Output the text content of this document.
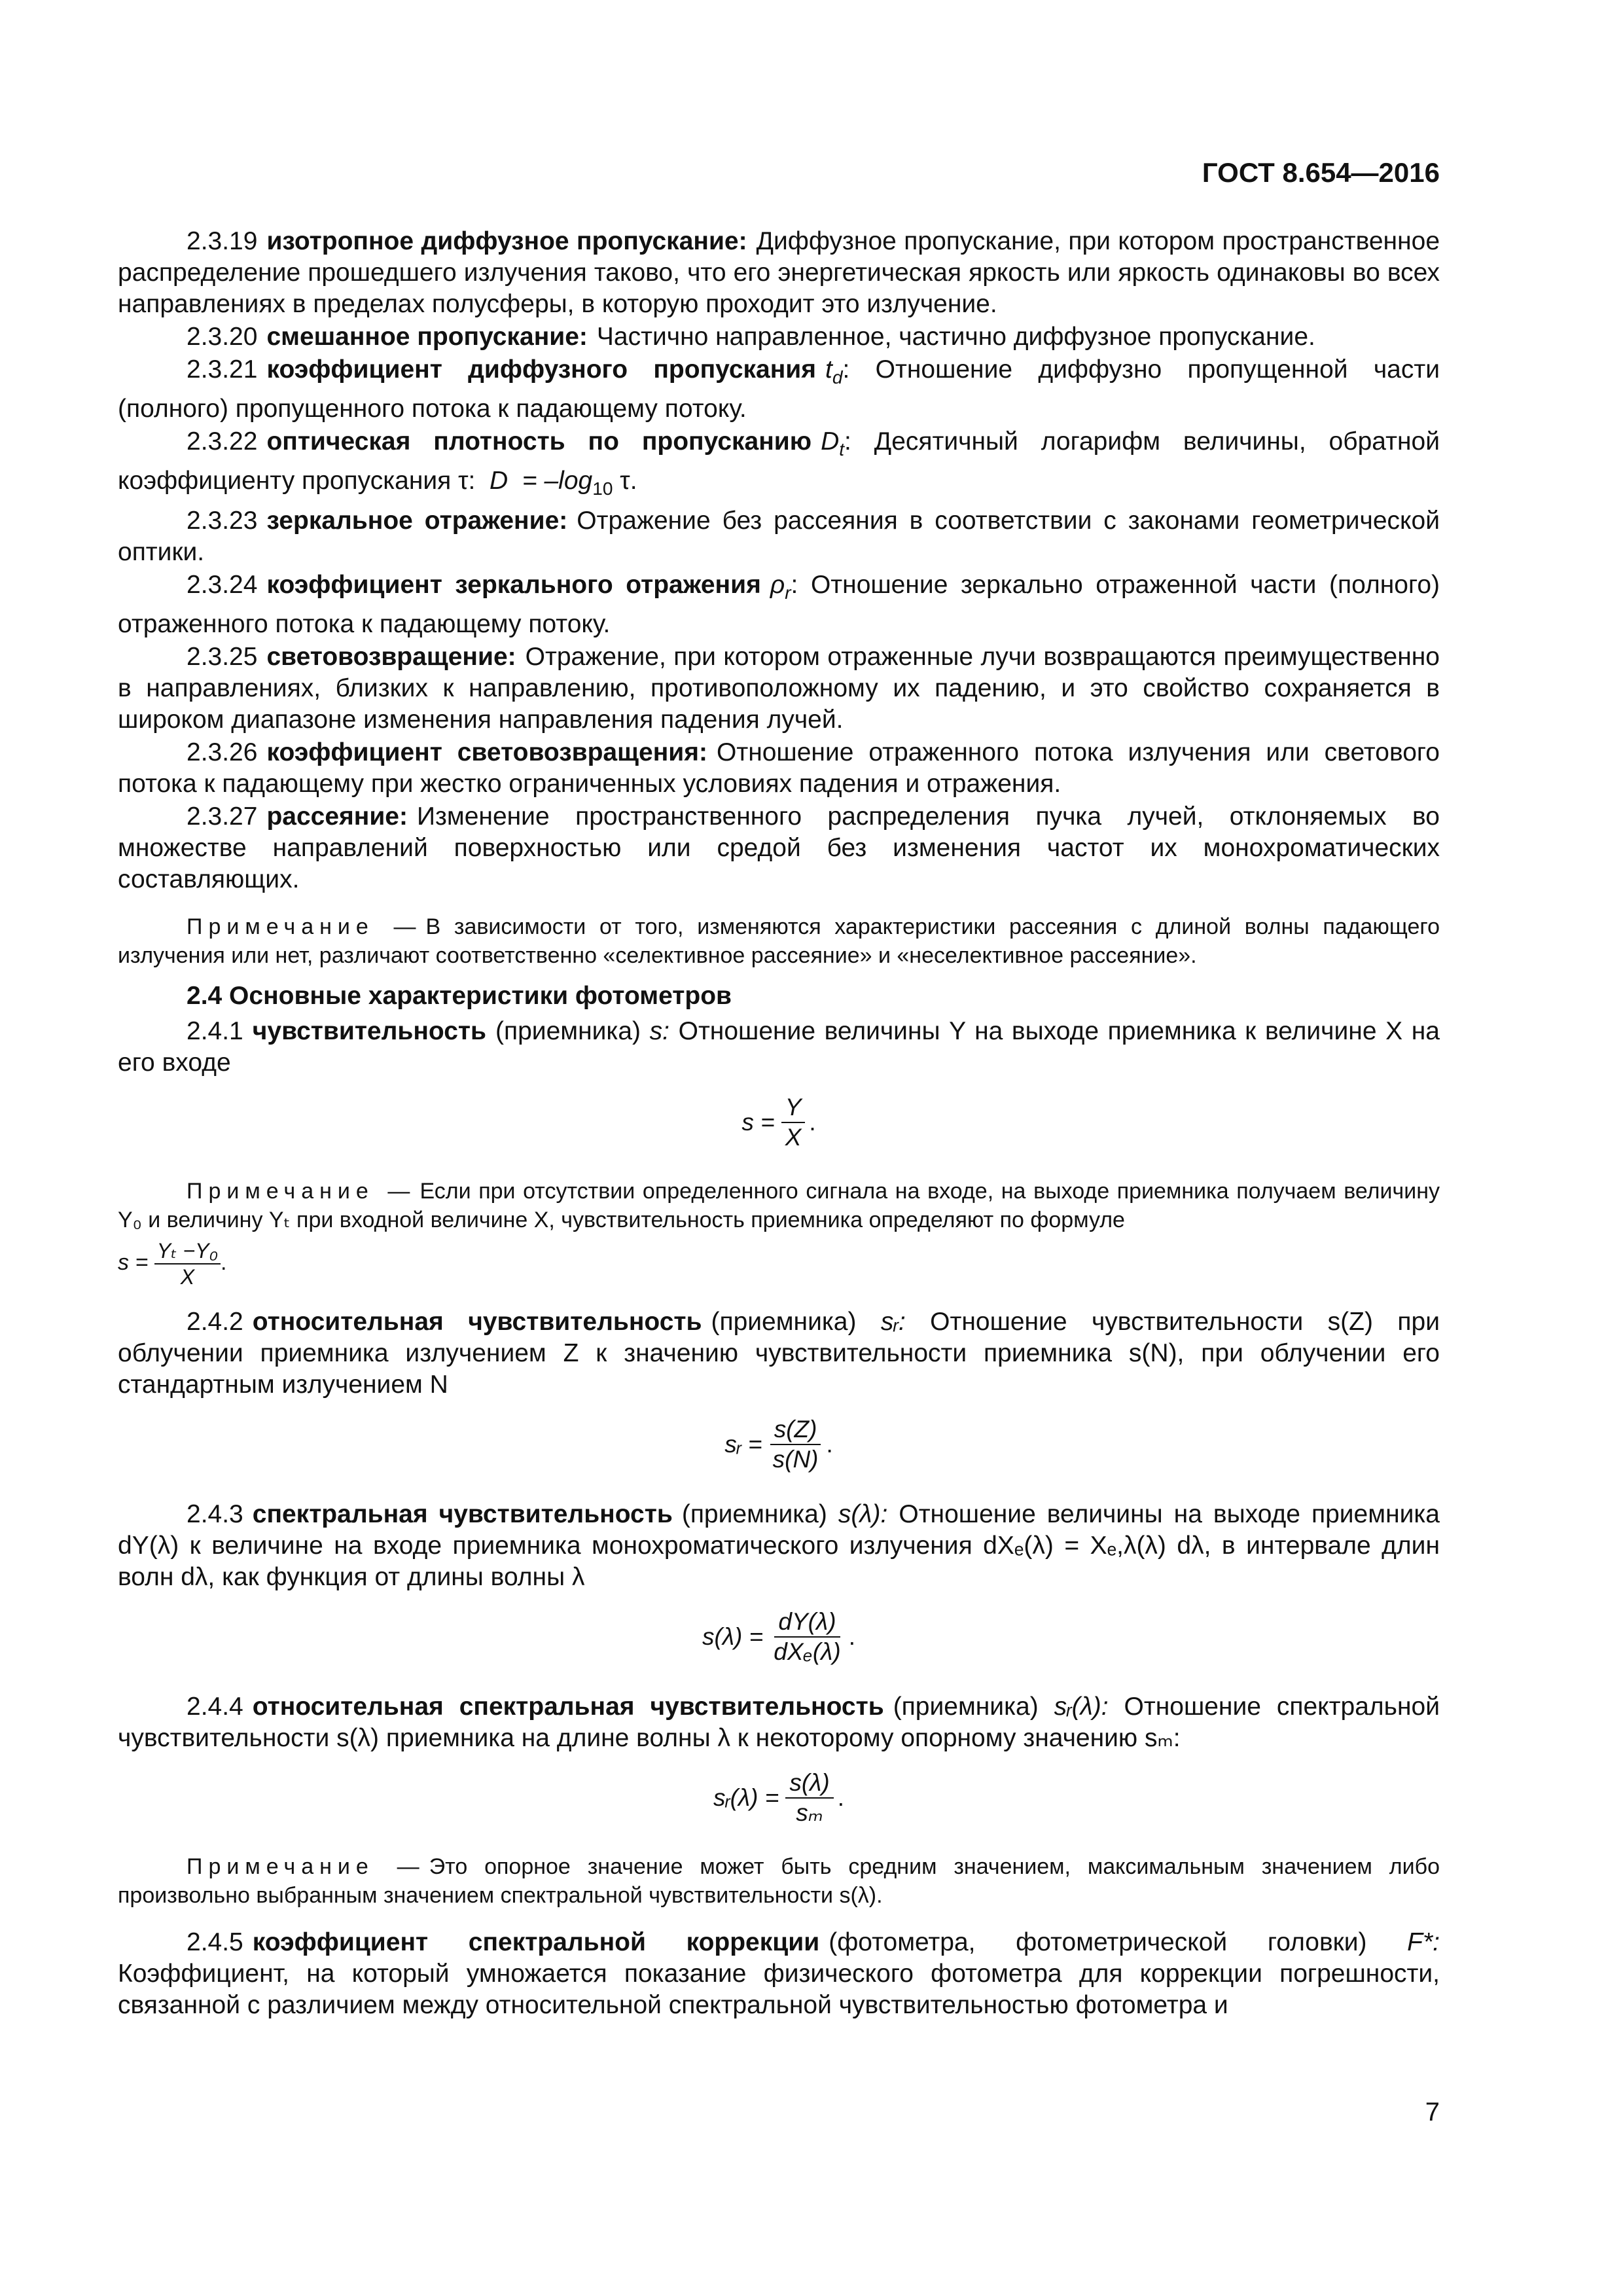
ГОСТ 8.654—2016

2.3.19 изотропное диффузное пропускание: Диффузное пропускание, при котором пространственное распределение прошедшего излучения таково, что его энергетическая яркость или яркость одинаковы во всех направлениях в пределах полусферы, в которую проходит это излучение.

2.3.20 смешанное пропускание: Частично направленное, частично диффузное пропускание.

2.3.21 коэффициент диффузного пропускания $t_d$: Отношение диффузно пропущенной части (полного) пропущенного потока к падающему потоку.

2.3.22 оптическая плотность по пропусканию $D_t$: Десятичный логарифм величины, обратной коэффициенту пропускания τ: $D = -\log_{10}$ τ.

2.3.23 зеркальное отражение: Отражение без рассеяния в соответствии с законами геометрической оптики.

2.3.24 коэффициент зеркального отражения $\rho_r$: Отношение зеркально отраженной части (полного) отраженного потока к падающему потоку.

2.3.25 световозвращение: Отражение, при котором отраженные лучи возвращаются преимущественно в направлениях, близких к направлению, противоположному их падению, и это свойство сохраняется в широком диапазоне изменения направления падения лучей.

2.3.26 коэффициент световозвращения: Отношение отраженного потока излучения или светового потока к падающему при жестко ограниченных условиях падения и отражения.

2.3.27 рассеяние: Изменение пространственного распределения пучка лучей, отклоняемых во множестве направлений поверхностью или средой без изменения частот их монохроматических составляющих.

Примечание — В зависимости от того, изменяются характеристики рассеяния с длиной волны падающего излучения или нет, различают соответственно «селективное рассеяние» и «неселективное рассеяние».

2.4 Основные характеристики фотометров

2.4.1 чувствительность (приемника) s: Отношение величины Y на выходе приемника к величине X на его входе

$s = \frac{Y}{X}$ .

Примечание — Если при отсутствии определенного сигнала на входе, на выходе приемника получаем величину Y₀ и величину Yₜ при входной величине X, чувствительность приемника определяют по формуле

$s = \frac{\text{Yₜ −Y₀}}{X}$ .

2.4.2 относительная чувствительность (приемника) sᵣ: Отношение чувствительности s(Z) при облучении приемника излучением Z к значению чувствительности приемника s(N), при облучении его стандартным излучением N

sᵣ = $\frac{s(Z)}{s(N)}$ .

2.4.3 спектральная чувствительность (приемника) s(λ): Отношение величины на выходе приемника dY(λ) к величине на входе приемника монохроматического излучения dXₑ(λ) = Xₑ,λ(λ) dλ, в интервале длин волн dλ, как функция от длины волны λ

$s(\lambda) = \frac{dY(\lambda)}{\text{dXₑ(λ)}}$ .

2.4.4 относительная спектральная чувствительность (приемника) sᵣ(λ): Отношение спектральной чувствительности s(λ) приемника на длине волны λ к некоторому опорному значению sₘ:

sᵣ(λ) = $\frac{s(\lambda)}{\text{sₘ}}$ .

Примечание — Это опорное значение может быть средним значением, максимальным значением либо произвольно выбранным значением спектральной чувствительности s(λ).

2.4.5 коэффициент спектральной коррекции (фотометра, фотометрической головки) F*: Коэффициент, на который умножается показание физического фотометра для коррекции погрешности, связанной с различием между относительной спектральной чувствительностью фотометра и

7
